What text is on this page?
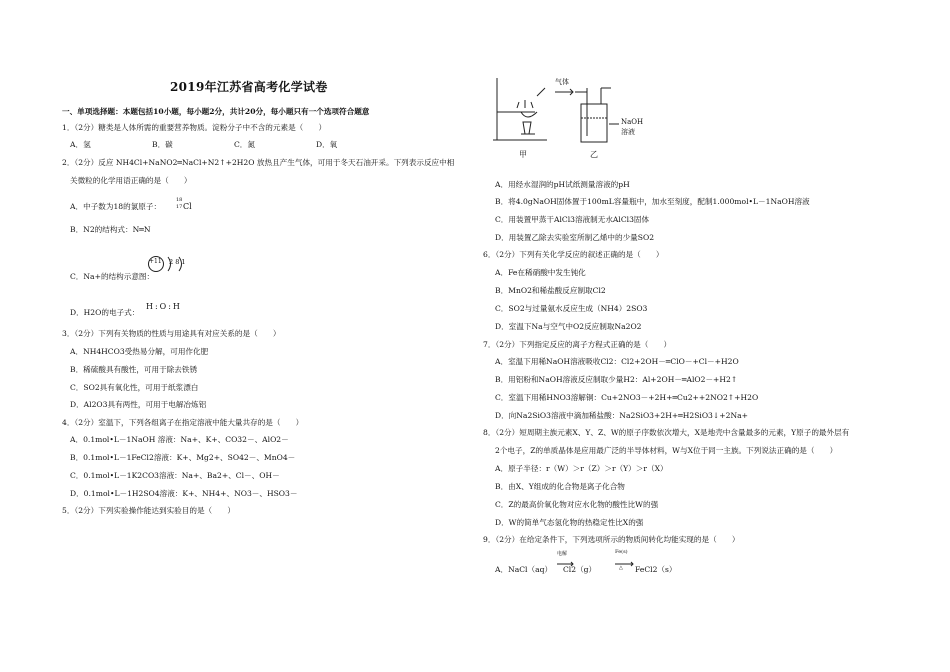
2019年江苏省高考化学试卷
一、单项选择题：本题包括10小题，每小题2分，共计20分，每小题只有一个选项符合题意
1．（2分）糖类是人体所需的重要营养物质。淀粉分子中不含的元素是（　　）
A．氢	B．碳	C．氮	D．氧
2．（2分）反应 NH4Cl+NaNO2═NaCl+N2↑+2H2O 放热且产生气体，可用于冬天石油开采。下列表示反应中相
关微粒的化学用语正确的是（　　）
A．中子数为18的氯原子：
18
17 Cl
B．N2的结构式：N═N
C．Na+的结构示意图：
+11 2 8 1
D．H2O的电子式：
H:O:H
3．（2分）下列有关物质的性质与用途具有对应关系的是（　　）
A．NH4HCO3受热易分解，可用作化肥
B．稀硫酸具有酸性，可用于除去铁锈
C．SO2具有氧化性，可用于纸浆漂白
D．Al2O3具有两性，可用于电解冶炼铝
4．（2分）室温下，下列各组离子在指定溶液中能大量共存的是（　　）
A．0.1mol•L－1NaOH 溶液：Na+、K+、CO32－、AlO2－
B．0.1mol•L－1FeCl2溶液：K+、Mg2+、SO42－、MnO4－
C．0.1mol•L－1K2CO3溶液：Na+、Ba2+、Cl－、OH－
D．0.1mol•L－1H2SO4溶液：K+、NH4+、NO3－、HSO3－
5．（2分）下列实验操作能达到实验目的是（　　）
气体
NaOH
溶液
甲	乙
A．用经水湿润的pH试纸测量溶液的pH
B．将4.0gNaOH固体置于100mL容量瓶中，加水至刻度，配制1.000mol•L－1NaOH溶液
C．用装置甲蒸干AlCl3溶液制无水AlCl3固体
D．用装置乙除去实验室所制乙烯中的少量SO2
6．（2分）下列有关化学反应的叙述正确的是（　　）
A．Fe在稀硝酸中发生钝化
B．MnO2和稀盐酸反应制取Cl2
C．SO2与过量氨水反应生成（NH4）2SO3
D．室温下Na与空气中O2反应制取Na2O2
7．（2分）下列指定反应的离子方程式正确的是（　　）
A．室温下用稀NaOH溶液吸收Cl2：Cl2+2OH－═ClO－+Cl－+H2O
B．用铝粉和NaOH溶液反应制取少量H2：Al+2OH－═AlO2－+H2↑
C．室温下用稀HNO3溶解铜：Cu+2NO3－+2H+═Cu2++2NO2↑+H2O
D．向Na2SiO3溶液中滴加稀盐酸：Na2SiO3+2H+═H2SiO3↓+2Na+
8．（2分）短周期主族元素X、Y、Z、W的原子序数依次增大，X是地壳中含量最多的元素，Y原子的最外层有
2个电子，Z的单质晶体是应用最广泛的半导体材料，W与X位于同一主族。下列说法正确的是（　　）
A．原子半径：r（W）＞r（Z）＞r（Y）＞r（X）
B．由X、Y组成的化合物是离子化合物
C．Z的最高价氧化物对应水化物的酸性比W的强
D．W的简单气态氢化物的热稳定性比X的强
9．（2分）在给定条件下，下列选项所示的物质间转化均能实现的是（　　）
A．NaCl（aq）
电解
Cl2（g）
Fe(s)
△ FeCl2（s）
